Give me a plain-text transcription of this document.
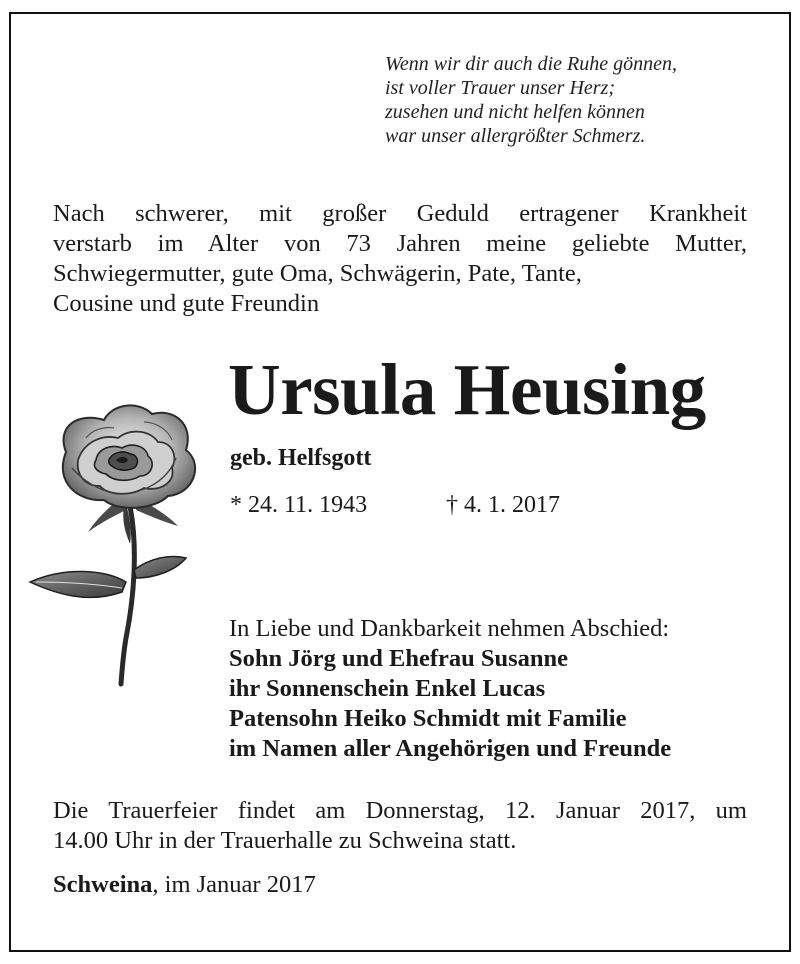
Wenn wir dir auch die Ruhe gönnen,
ist voller Trauer unser Herz;
zusehen und nicht helfen können
war unser allergrößter Schmerz.
Nach schwerer, mit großer Geduld ertragener Krankheit
verstarb im Alter von 73 Jahren meine geliebte Mutter,
Schwiegermutter, gute Oma, Schwägerin, Pate, Tante,
Cousine und gute Freundin
Ursula Heusing
geb. Helfsgott
* 24. 11. 1943	† 4. 1. 2017
In Liebe und Dankbarkeit nehmen Abschied:
Sohn Jörg und Ehefrau Susanne
ihr Sonnenschein Enkel Lucas
Patensohn Heiko Schmidt mit Familie
im Namen aller Angehörigen und Freunde
Die Trauerfeier findet am Donnerstag, 12. Januar 2017, um
14.00 Uhr in der Trauerhalle zu Schweina statt.
Schweina, im Januar 2017
